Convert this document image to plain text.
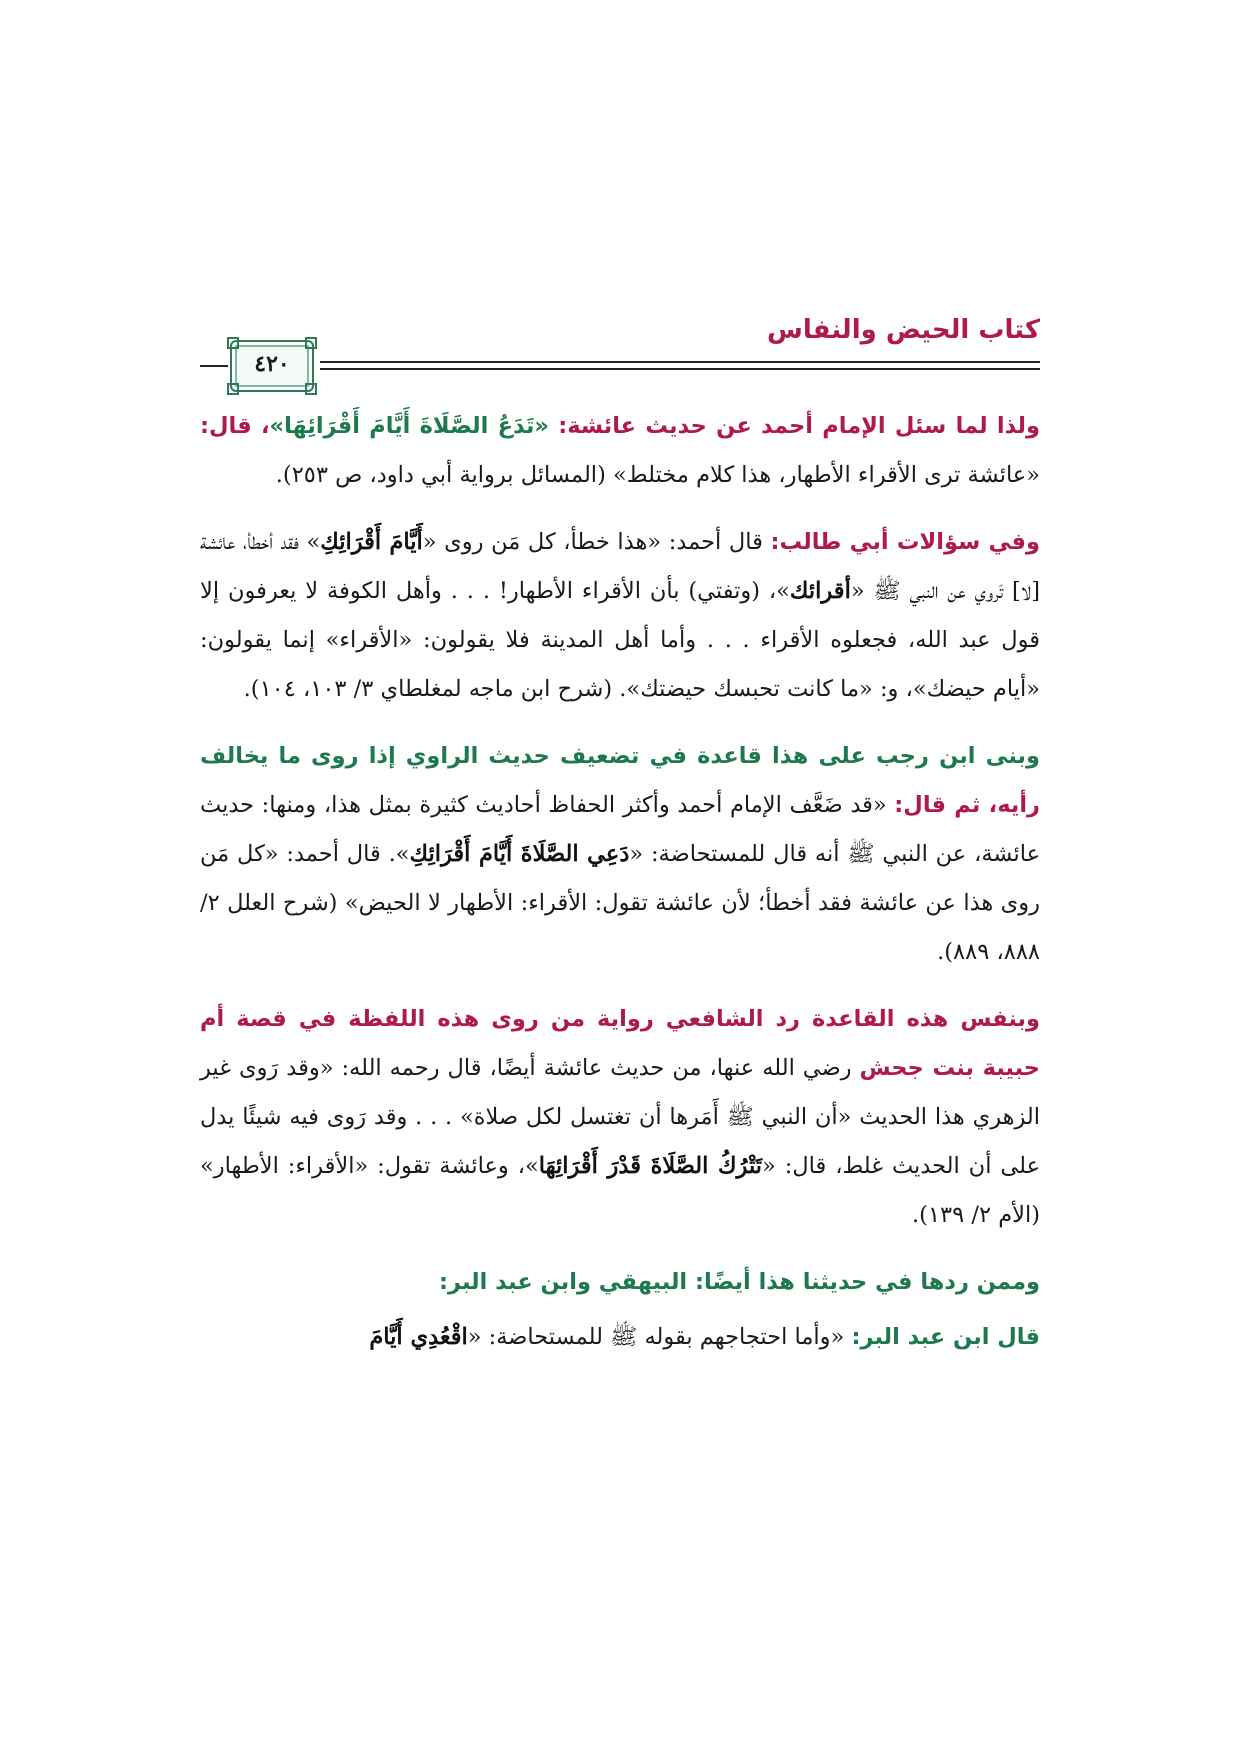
كتاب الحيض والنفاس
٤٢٠

ولذا لما سئل الإمام أحمد عن حديث عائشة: «تَدَعُ الصَّلَاةَ أَيَّامَ أَقْرَائِهَا»، قال: «عائشة ترى الأقراء الأطهار، هذا كلام مختلط» (المسائل برواية أبي داود، ص ٢٥٣).

وفي سؤالات أبي طالب: قال أحمد: «هذا خطأ، كل مَن روى «أَيَّامَ أَقْرَائِكِ» فقد أخطأ، عائشة [لا] تَروي عن النبي ﷺ «أقرائك»، (وتفتي) بأن الأقراء الأطهار! . . . وأهل الكوفة لا يعرفون إلا قول عبد الله، فجعلوه الأقراء . . . وأما أهل المدينة فلا يقولون: «الأقراء» إنما يقولون: «أيام حيضك»، و: «ما كانت تحبسك حيضتك». (شرح ابن ماجه لمغلطاي ٣/ ١٠٣، ١٠٤).

وبنى ابن رجب على هذا قاعدة في تضعيف حديث الراوي إذا روى ما يخالف رأيه، ثم قال: «قد ضَعَّف الإمام أحمد وأكثر الحفاظ أحاديث كثيرة بمثل هذا، ومنها: حديث عائشة، عن النبي ﷺ أنه قال للمستحاضة: «دَعِي الصَّلَاةَ أَيَّامَ أَقْرَائِكِ». قال أحمد: «كل مَن روى هذا عن عائشة فقد أخطأ؛ لأن عائشة تقول: الأقراء: الأطهار لا الحيض» (شرح العلل ٢/ ٨٨٨، ٨٨٩).

وبنفس هذه القاعدة رد الشافعي رواية من روى هذه اللفظة في قصة أم حبيبة بنت جحش رضي الله عنها، من حديث عائشة أيضًا، قال رحمه الله: «وقد رَوى غير الزهري هذا الحديث «أن النبي ﷺ أَمَرها أن تغتسل لكل صلاة» . . . وقد رَوى فيه شيئًا يدل على أن الحديث غلط، قال: «تَتْرُكُ الصَّلَاةَ قَدْرَ أَقْرَائِهَا»، وعائشة تقول: «الأقراء: الأطهار» (الأم ٢/ ١٣٩).

وممن ردها في حديثنا هذا أيضًا: البيهقي وابن عبد البر:

قال ابن عبد البر: «وأما احتجاجهم بقوله ﷺ للمستحاضة: «اقْعُدِي أَيَّامَ
